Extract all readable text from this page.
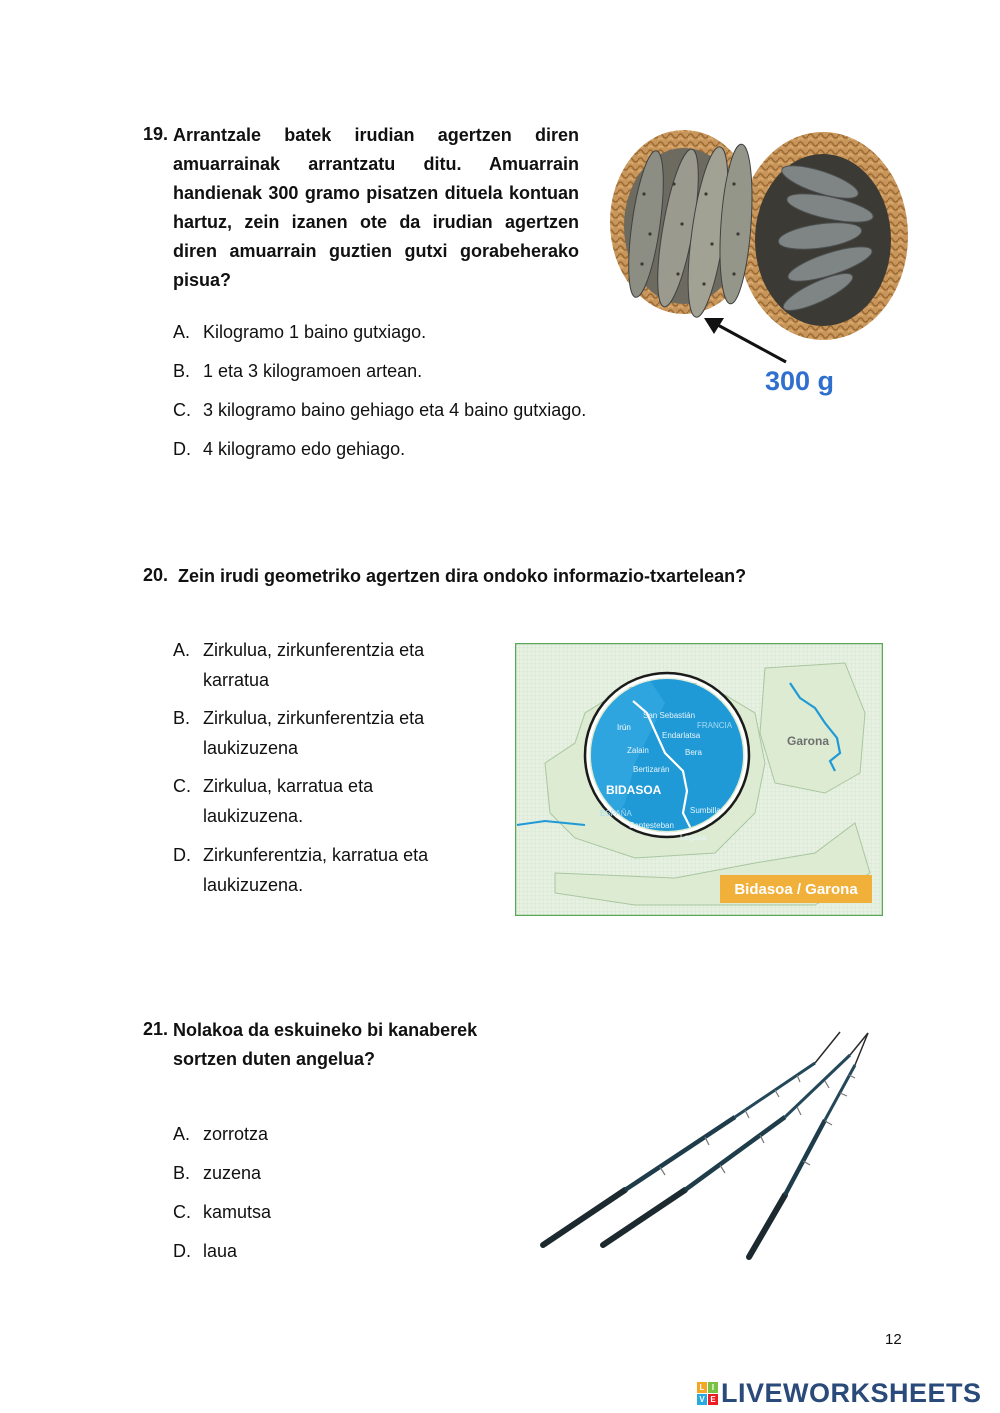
19. Arrantzale batek irudian agertzen diren amuarrainak arrantzatu ditu. Amuarrain handienak 300 gramo pisatzen dituela kontuan hartuz, zein izanen ote da irudian agertzen diren amuarrain guztien gutxi gorabeherako pisua?
A. Kilogramo 1 baino gutxiago.
B. 1 eta 3 kilogramoen artean.
C. 3 kilogramo baino gehiago eta 4 baino gutxiago.
D. 4 kilogramo edo gehiago.
300 g
20. Zein irudi geometriko agertzen dira ondoko informazio-txartelean?
A. Zirkulua, zirkunferentzia eta karratua
B. Zirkulua, zirkunferentzia eta laukizuzena
C. Zirkulua, karratua eta laukizuzena.
D. Zirkunferentzia, karratua eta laukizuzena.
San Sebastián
Irún	FRANCIA
Endarlatsa
Zalain	Bera
Bertizarán
BIDASOA
ESPAÑA	Sumbilla
Santesteban
Legasa
Garona
Bidasoa / Garona
21. Nolakoa da eskuineko bi kanaberek sortzen duten angelua?
A. zorrotza
B. zuzena
C. kamutsa
D. laua
12
L I
V E LIVEWORKSHEETS
